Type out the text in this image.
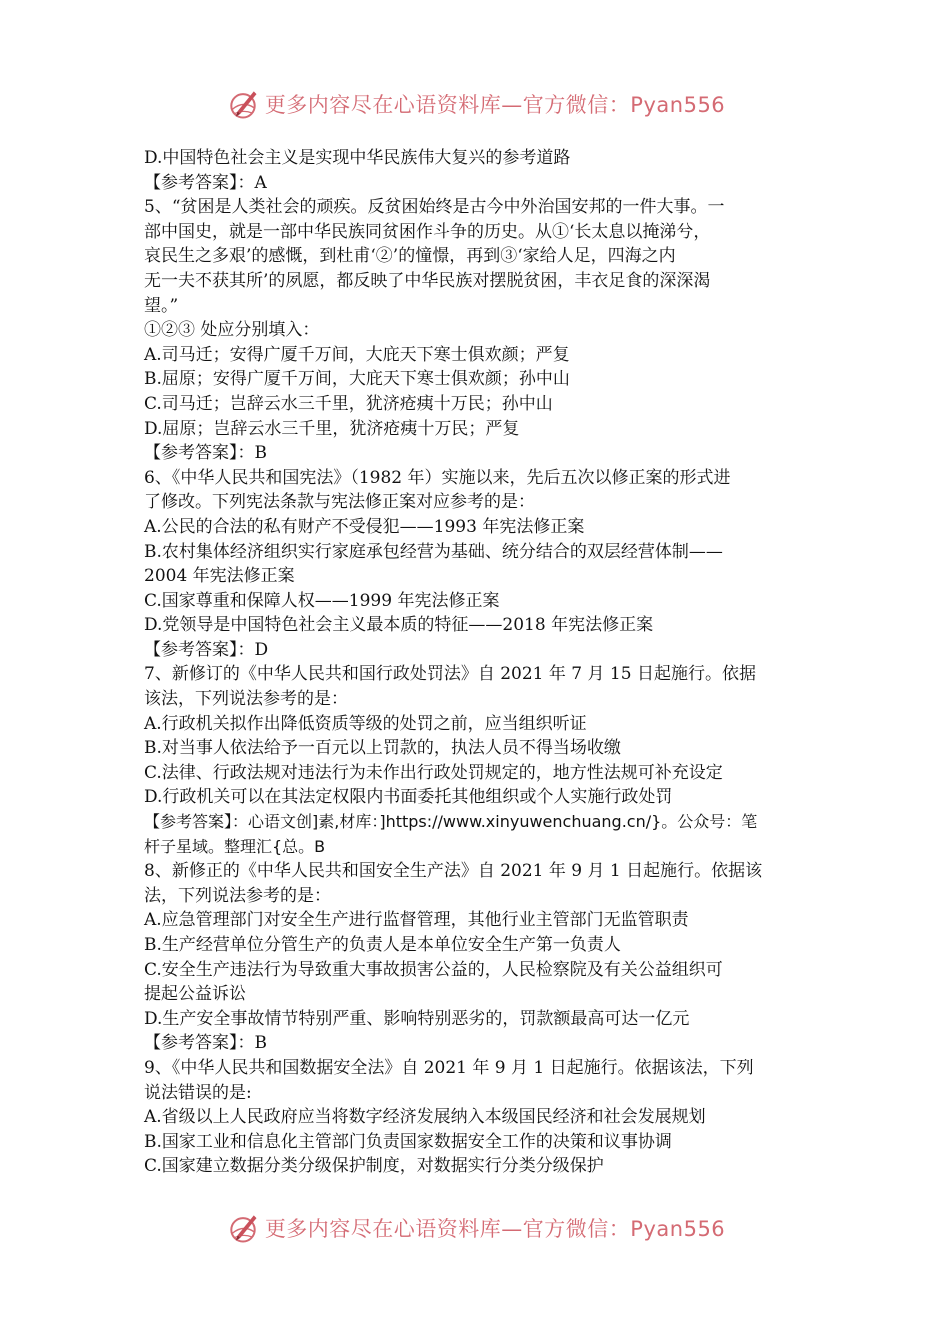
更多内容尽在心语资料库—官方微信：Pyan556
D.中国特色社会主义是实现中华民族伟大复兴的参考道路
【参考答案】：A
5、“贫困是人类社会的顽疾。反贫困始终是古今中外治国安邦的一件大事。一
部中国史，就是一部中华民族同贫困作斗争的历史。从①‘长太息以掩涕兮，
哀民生之多艰’的感慨，到杜甫‘②’的憧憬，再到③‘家给人足，四海之内
无一夫不获其所’的夙愿，都反映了中华民族对摆脱贫困，丰衣足食的深深渴
望。”
①②③ 处应分别填入：
A.司马迁；安得广厦千万间，大庇天下寒士俱欢颜；严复
B.屈原；安得广厦千万间，大庇天下寒士俱欢颜；孙中山
C.司马迁；岂辞云水三千里，犹济疮痍十万民；孙中山
D.屈原；岂辞云水三千里，犹济疮痍十万民；严复
【参考答案】：B
6、《中华人民共和国宪法》（1982 年）实施以来，先后五次以修正案的形式进
了修改。下列宪法条款与宪法修正案对应参考的是：
A.公民的合法的私有财产不受侵犯——1993 年宪法修正案
B.农村集体经济组织实行家庭承包经营为基础、统分结合的双层经营体制——
2004 年宪法修正案
C.国家尊重和保障人权——1999 年宪法修正案
D.党领导是中国特色社会主义最本质的特征——2018 年宪法修正案
【参考答案】：D
7、新修订的《中华人民共和国行政处罚法》自 2021 年 7 月 15 日起施行。依据
该法，下列说法参考的是：
A.行政机关拟作出降低资质等级的处罚之前，应当组织听证
B.对当事人依法给予一百元以上罚款的，执法人员不得当场收缴
C.法律、行政法规对违法行为未作出行政处罚规定的，地方性法规可补充设定
D.行政机关可以在其法定权限内书面委托其他组织或个人实施行政处罚
【参考答案】：心语文创]素,材库：]https://www.xinyuwenchuang.cn/}。公众号：笔
杆子星域。整理汇{总。B
8、新修正的《中华人民共和国安全生产法》自 2021 年 9 月 1 日起施行。依据该
法，下列说法参考的是：
A.应急管理部门对安全生产进行监督管理，其他行业主管部门无监管职责
B.生产经营单位分管生产的负责人是本单位安全生产第一负责人
C.安全生产违法行为导致重大事故损害公益的，人民检察院及有关公益组织可
提起公益诉讼
D.生产安全事故情节特别严重、影响特别恶劣的，罚款额最高可达一亿元
【参考答案】：B
9、《中华人民共和国数据安全法》自 2021 年 9 月 1 日起施行。依据该法，下列
说法错误的是:
A.省级以上人民政府应当将数字经济发展纳入本级国民经济和社会发展规划
B.国家工业和信息化主管部门负责国家数据安全工作的决策和议事协调
C.国家建立数据分类分级保护制度，对数据实行分类分级保护
更多内容尽在心语资料库—官方微信：Pyan556
